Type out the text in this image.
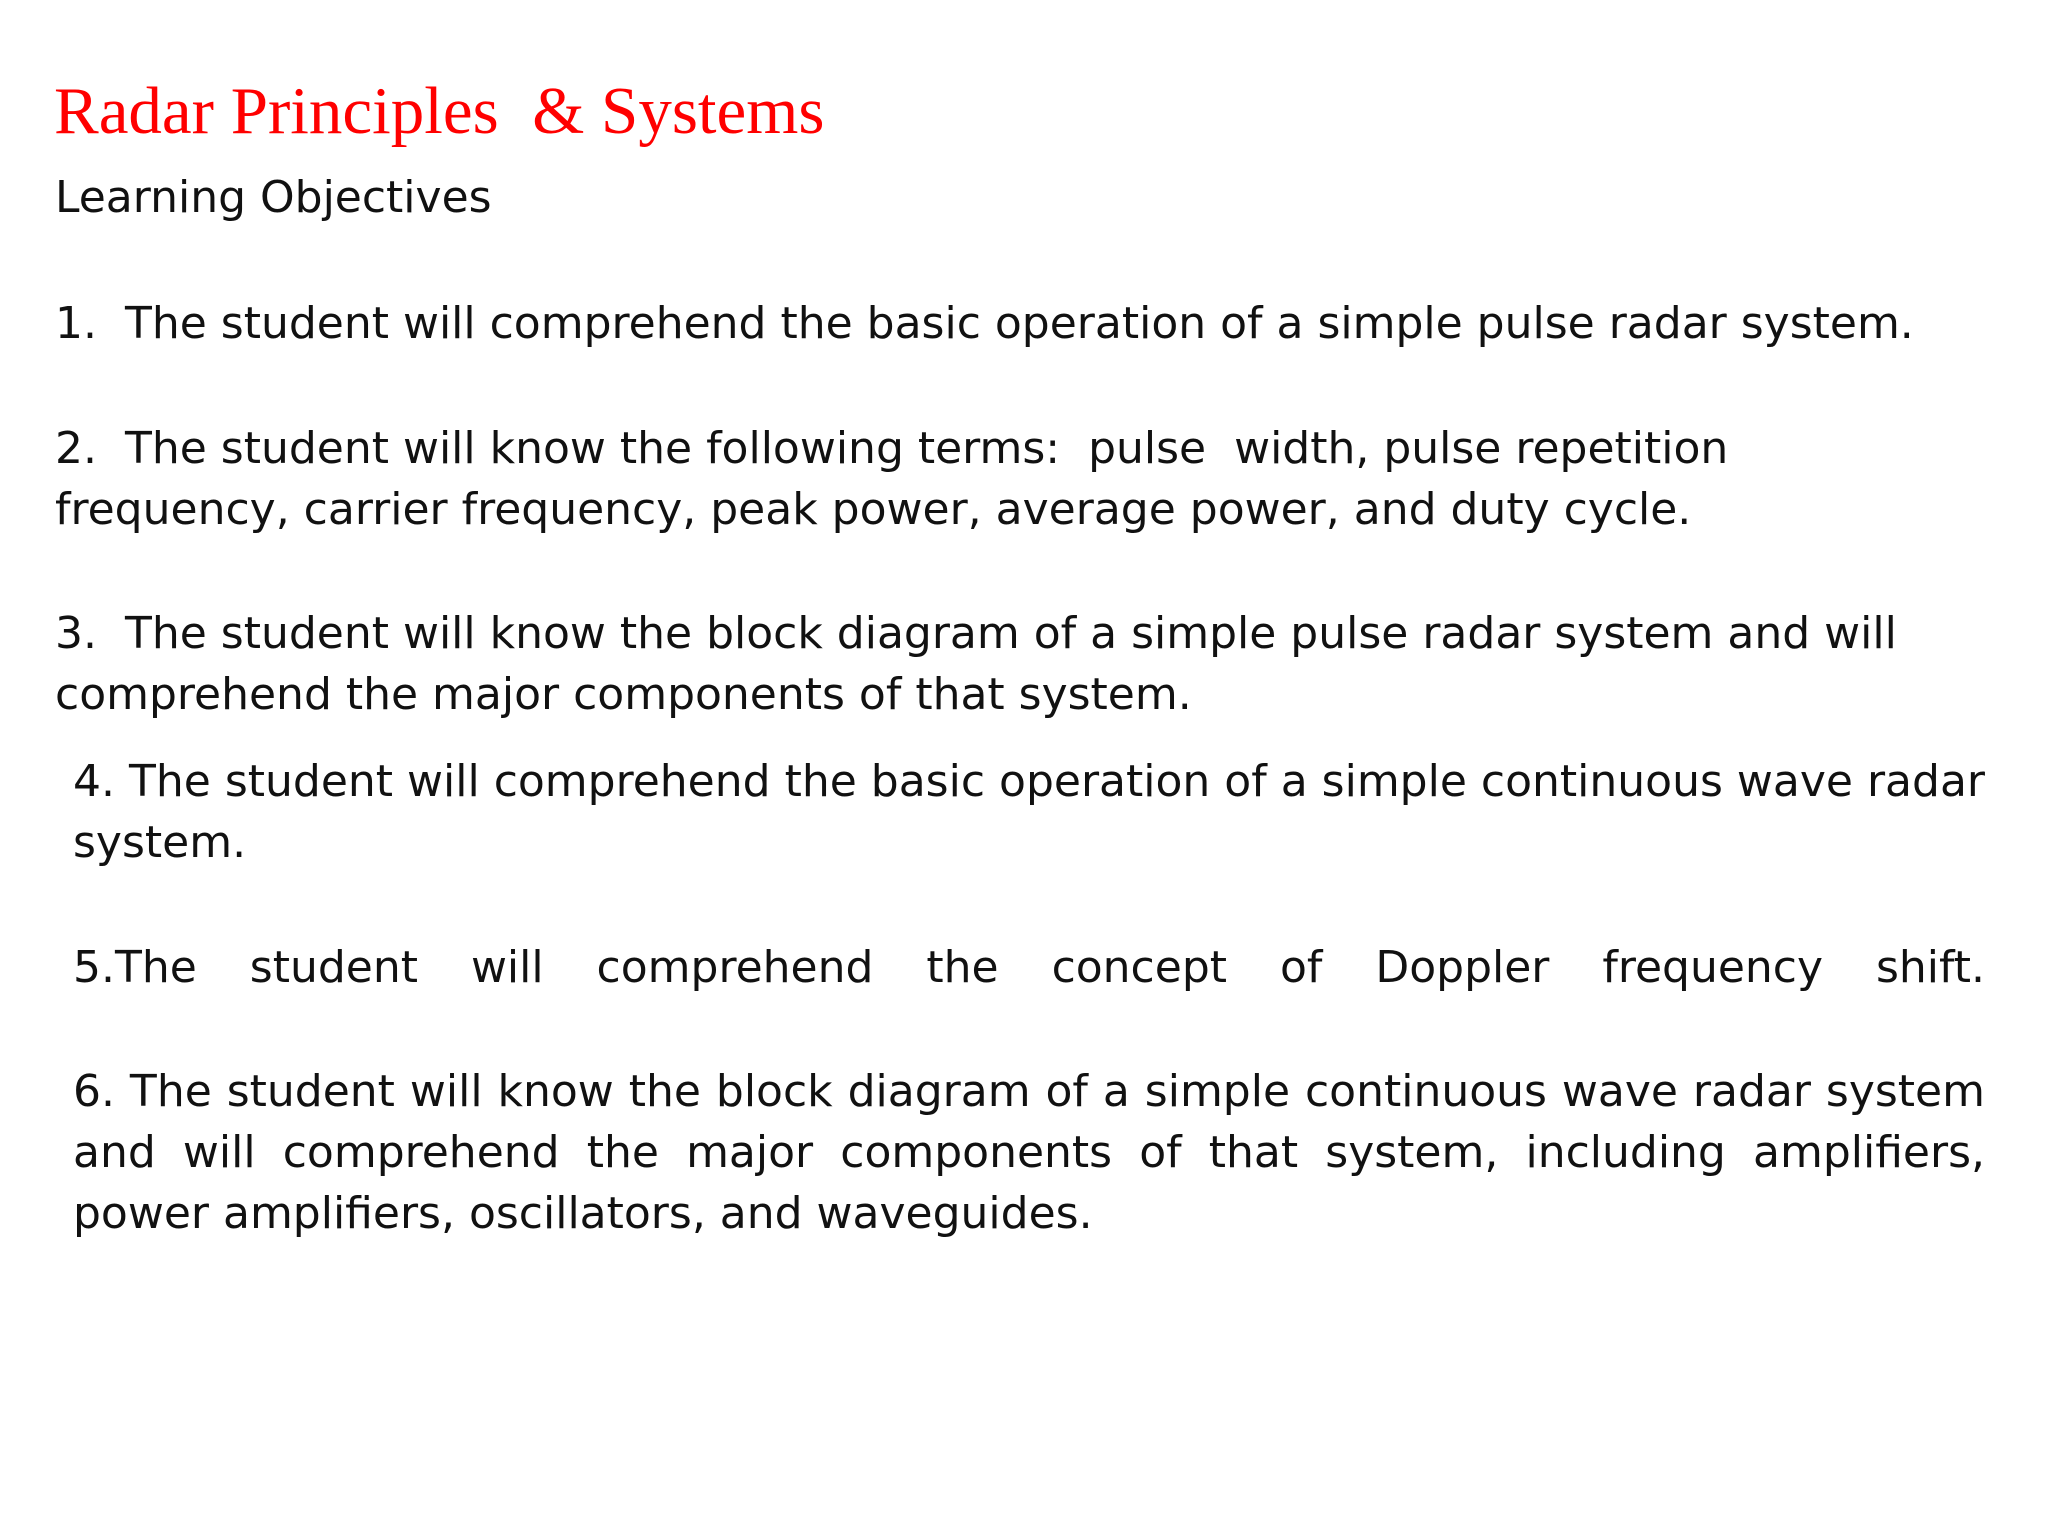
Radar Principles  & Systems
Learning Objectives

1.  The student will comprehend the basic operation of a simple pulse radar system.

2.  The student will know the following terms:  pulse  width, pulse repetition frequency, carrier frequency, peak power, average power, and duty cycle.

3.  The student will know the block diagram of a simple pulse radar system and will comprehend the major components of that system.

4. The student will comprehend the basic operation of a simple continuous wave radar system.

5.The student will comprehend the concept of Doppler frequency shift.

6. The student will know the block diagram of a simple continuous wave radar system and will comprehend the major components of that system, including amplifiers, power amplifiers, oscillators, and waveguides.
